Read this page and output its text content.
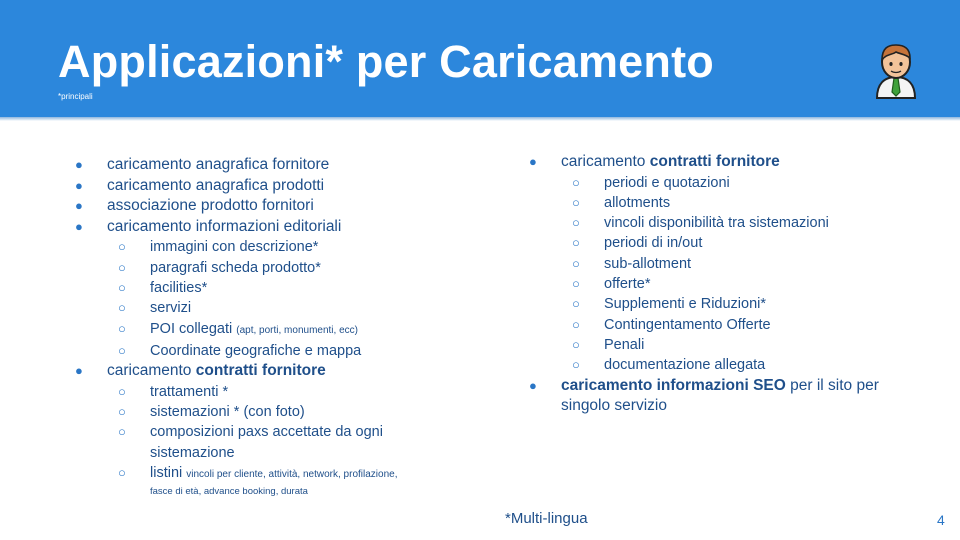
Applicazioni* per Caricamento
*principali
● caricamento anagrafica fornitore
● caricamento anagrafica prodotti
● associazione prodotto fornitori
● caricamento informazioni editoriali
○ immagini con descrizione*
○ paragrafi scheda prodotto*
○ facilities*
○ servizi
○ POI collegati (apt, porti, monumenti, ecc)
○ Coordinate geografiche e mappa
● caricamento contratti fornitore
○ trattamenti *
○ sistemazioni * (con foto)
○ composizioni paxs accettate da ogni sistemazione
○ listini vincoli per cliente, attività, network, profilazione,
fasce di età, advance booking, durata
● caricamento contratti fornitore
○ periodi e quotazioni
○ allotments
○ vincoli disponibilità tra sistemazioni
○ periodi di in/out
○ sub-allotment
○ offerte*
○ Supplementi e Riduzioni*
○ Contingentamento Offerte
○ Penali
○ documentazione allegata
● caricamento informazioni SEO per il sito per singolo servizio
*Multi-lingua	4
